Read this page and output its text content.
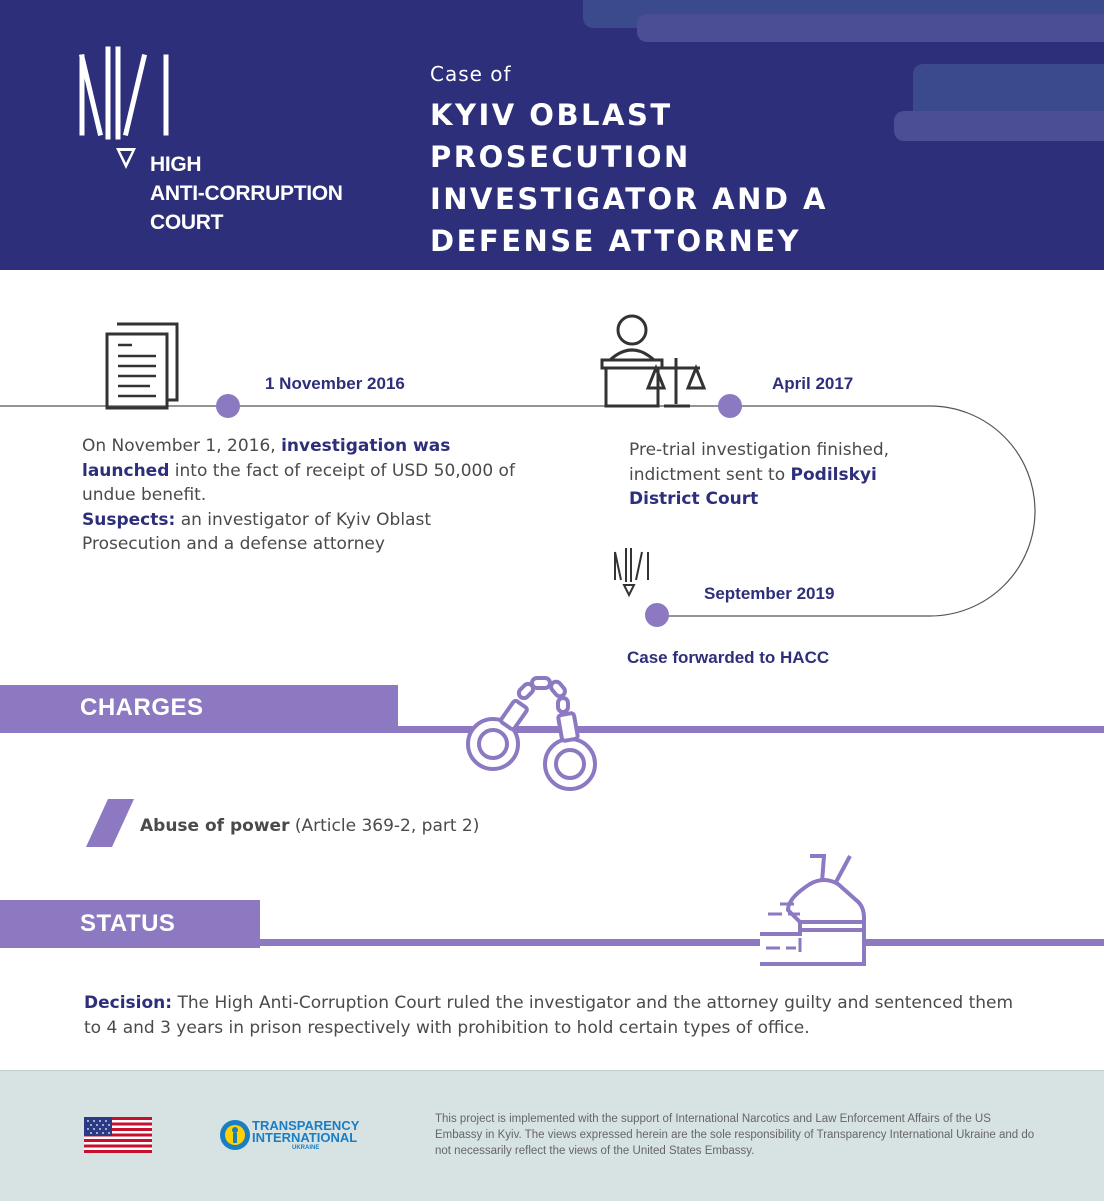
HIGH
ANTI-CORRUPTION
COURT
Case of
KYIV OBLAST
PROSECUTION
INVESTIGATOR AND A
DEFENSE ATTORNEY
1 November 2016
On November 1, 2016, investigation was launched into the fact of receipt of USD 50,000 of undue benefit.
Suspects: an investigator of Kyiv Oblast Prosecution and a defense attorney
April 2017
Pre-trial investigation finished, indictment sent to Podilskyi District Court
September 2019
Case forwarded to HACC
CHARGES
Abuse of power (Article 369-2, part 2)
STATUS
Decision: The High Anti-Corruption Court ruled the investigator and the attorney guilty and sentenced them to 4 and 3 years in prison respectively with prohibition to hold certain types of office.
TRANSPARENCY
INTERNATIONAL
UKRAINE
This project is implemented with the support of International Narcotics and Law Enforcement Affairs of the US Embassy in Kyiv. The views expressed herein are the sole responsibility of Transparency International Ukraine and do not necessarily reflect the views of the United States Embassy.
